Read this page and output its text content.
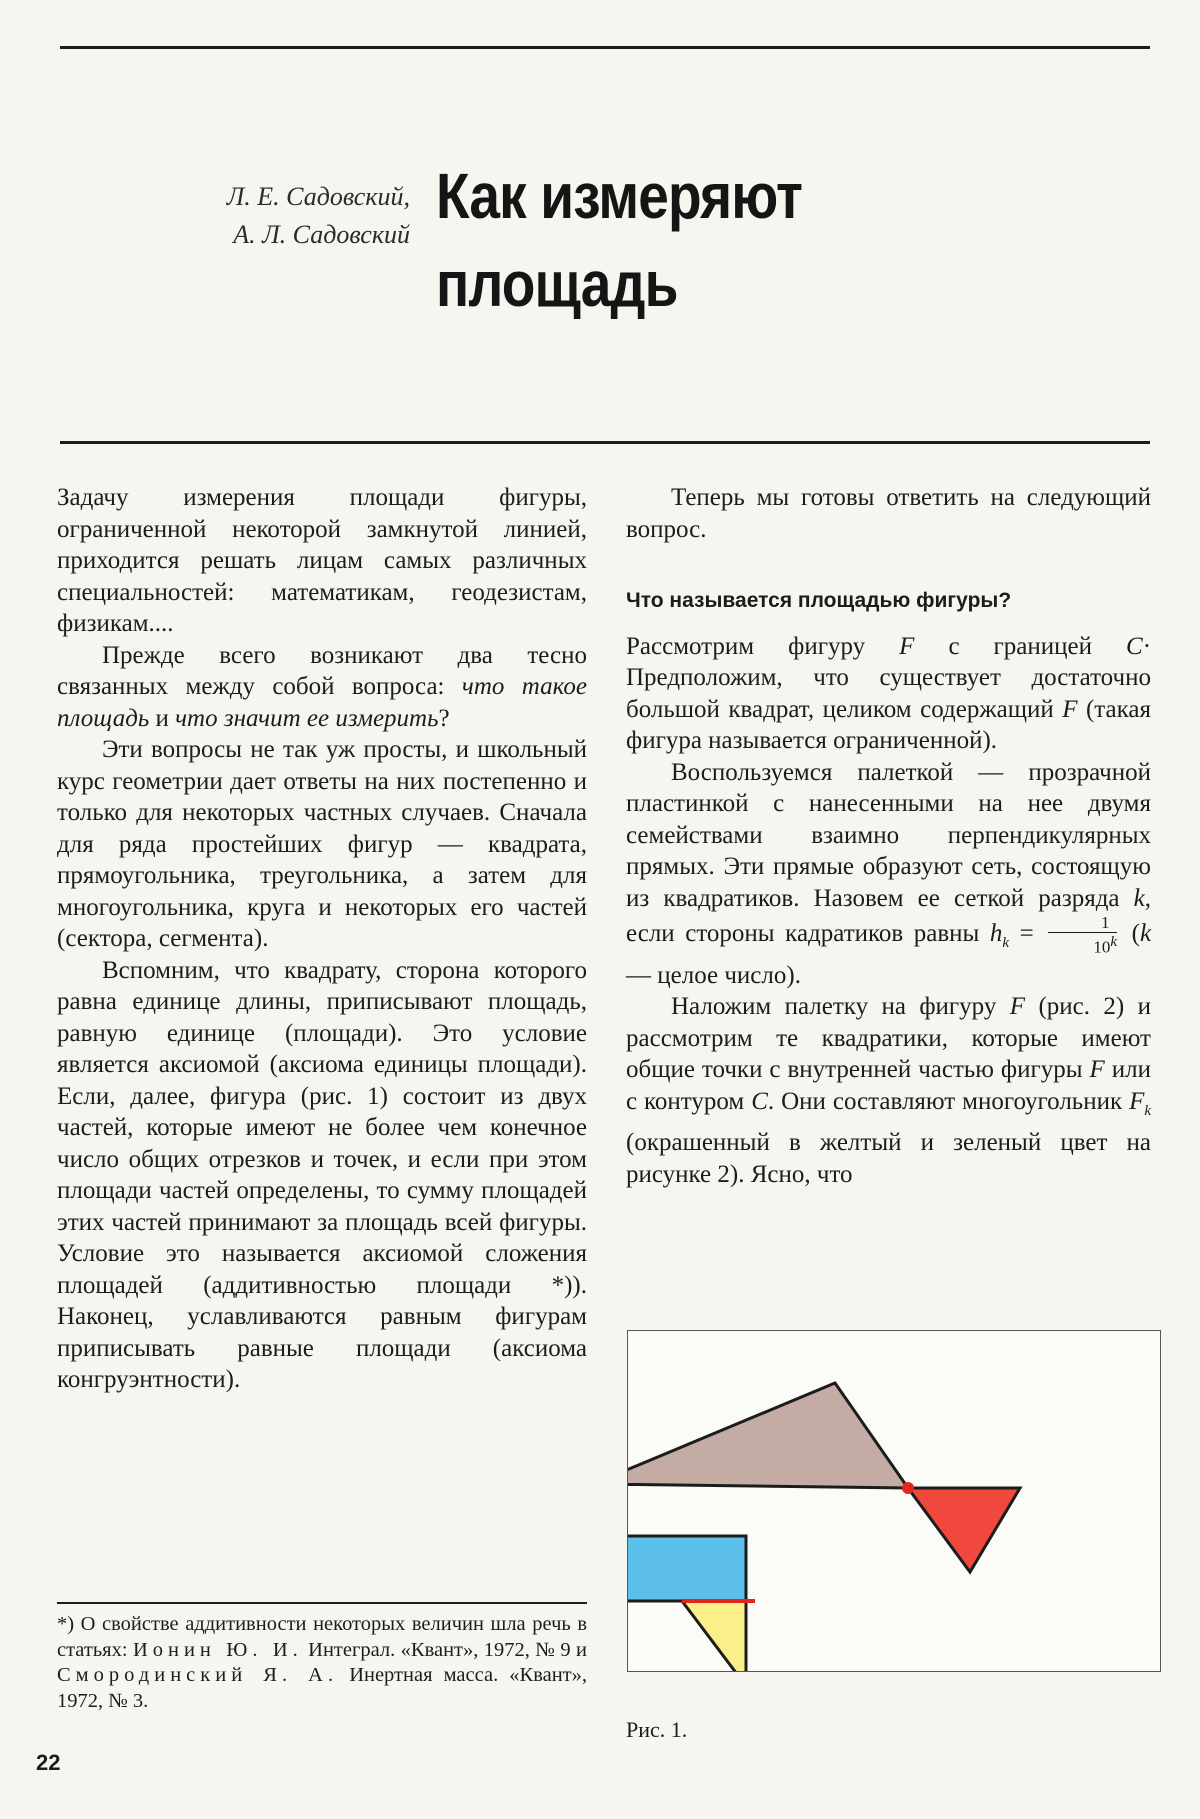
Л. Е. Садовский,
А. Л. Садовский
Как измеряют
площадь

Задачу измерения площади фигуры, ограниченной некоторой замкнутой линией, приходится решать лицам самых различных специальностей: математикам, геодезистам, физикам....

Прежде всего возникают два тесно связанных между собой вопроса: что такое площадь и что значит ее измерить?

Эти вопросы не так уж просты, и школьный курс геометрии дает ответы на них постепенно и только для некоторых частных случаев. Сначала для ряда простейших фигур — квадрата, прямоугольника, треугольника, а затем для многоугольника, круга и некоторых его частей (сектора, сегмента).

Вспомним, что квадрату, сторона которого равна единице длины, приписывают площадь, равную единице (площади). Это условие является аксиомой (аксиома единицы площади). Если, далее, фигура (рис. 1) состоит из двух частей, которые имеют не более чем конечное число общих отрезков и точек, и если при этом площади частей определены, то сумму площадей этих частей принимают за площадь всей фигуры. Условие это называется аксиомой сложения площадей (аддитивностью площади *)). Наконец, уславливаются равным фигурам приписывать равные площади (аксиома конгруэнтности).

*) О свойстве аддитивности некоторых величин шла речь в статьях: Ионин Ю. И. Интеграл. «Квант», 1972, № 9 и Смородинский Я. А. Инертная масса. «Квант», 1972, № 3.

Теперь мы готовы ответить на следующий вопрос.

Что называется площадью фигуры?

Рассмотрим фигуру F с границей C· Предположим, что существует достаточно большой квадрат, целиком содержащий F (такая фигура называется ограниченной).

Воспользуемся палеткой — прозрачной пластинкой с нанесенными на нее двумя семействами взаимно перпендикулярных прямых. Эти прямые образуют сеть, состоящую из квадратиков. Назовем ее сеткой разряда k, если стороны кадратиков равны $h_k = \frac{1}{10^k} (k$ — целое число).

Наложим палетку на фигуру F (рис. 2) и рассмотрим те квадратики, которые имеют общие точки с внутренней частью фигуры F или с контуром C. Они составляют многоугольник $F_k$ (окрашенный в желтый и зеленый цвет на рисунке 2). Ясно, что

Рис. 1.
22
